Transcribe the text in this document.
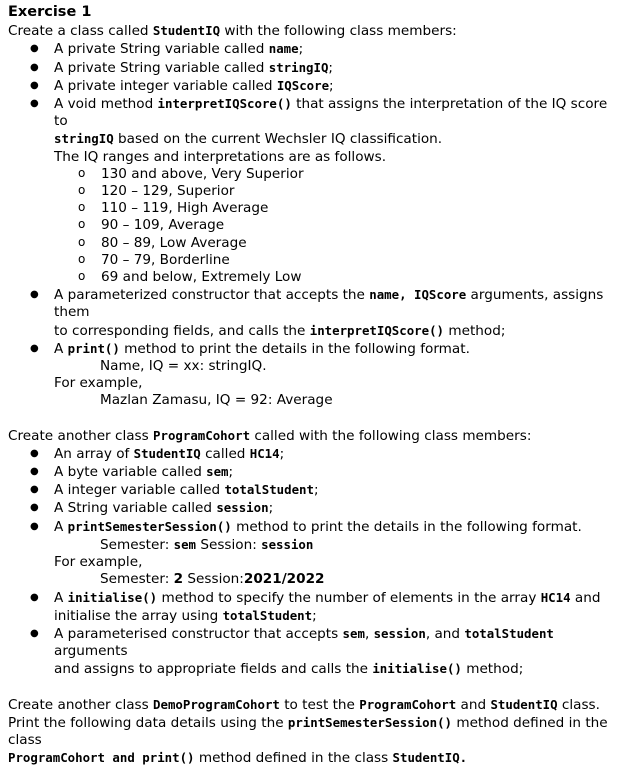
Exercise 1

Create a class called StudentIQ with the following class members:

● A private String variable called name;
● A private String variable called stringIQ;
● A private integer variable called IQScore;
● A void method interpretIQScore() that assigns the interpretation of the IQ score to
stringIQ based on the current Wechsler IQ classification.
The IQ ranges and interpretations are as follows.
o 130 and above, Very Superior
o 120 – 129, Superior
o 110 – 119, High Average
o 90 – 109, Average
o 80 – 89, Low Average
o 70 – 79, Borderline
o 69 and below, Extremely Low
● A parameterized constructor that accepts the name, IQScore arguments, assigns them
to corresponding fields, and calls the interpretIQScore() method;
● A print() method to print the details in the following format.

Name, IQ = xx: stringIQ.

For example,

Mazlan Zamasu, IQ = 92: Average

Create another class ProgramCohort called with the following class members:

● An array of StudentIQ called HC14;
● A byte variable called sem;
● A integer variable called totalStudent;
● A String variable called session;
● A printSemesterSession() method to print the details in the following format.

Semester: sem Session: session

For example,

Semester: 2 Session:2021/2022

● A initialise() method to specify the number of elements in the array HC14 and
initialise the array using totalStudent;
● A parameterised constructor that accepts sem, session, and totalStudent arguments
and assigns to appropriate fields and calls the initialise() method;

Create another class DemoProgramCohort to test the ProgramCohort and StudentIQ class.
Print the following data details using the printSemesterSession() method defined in the class
ProgramCohort and print() method defined in the class StudentIQ.
